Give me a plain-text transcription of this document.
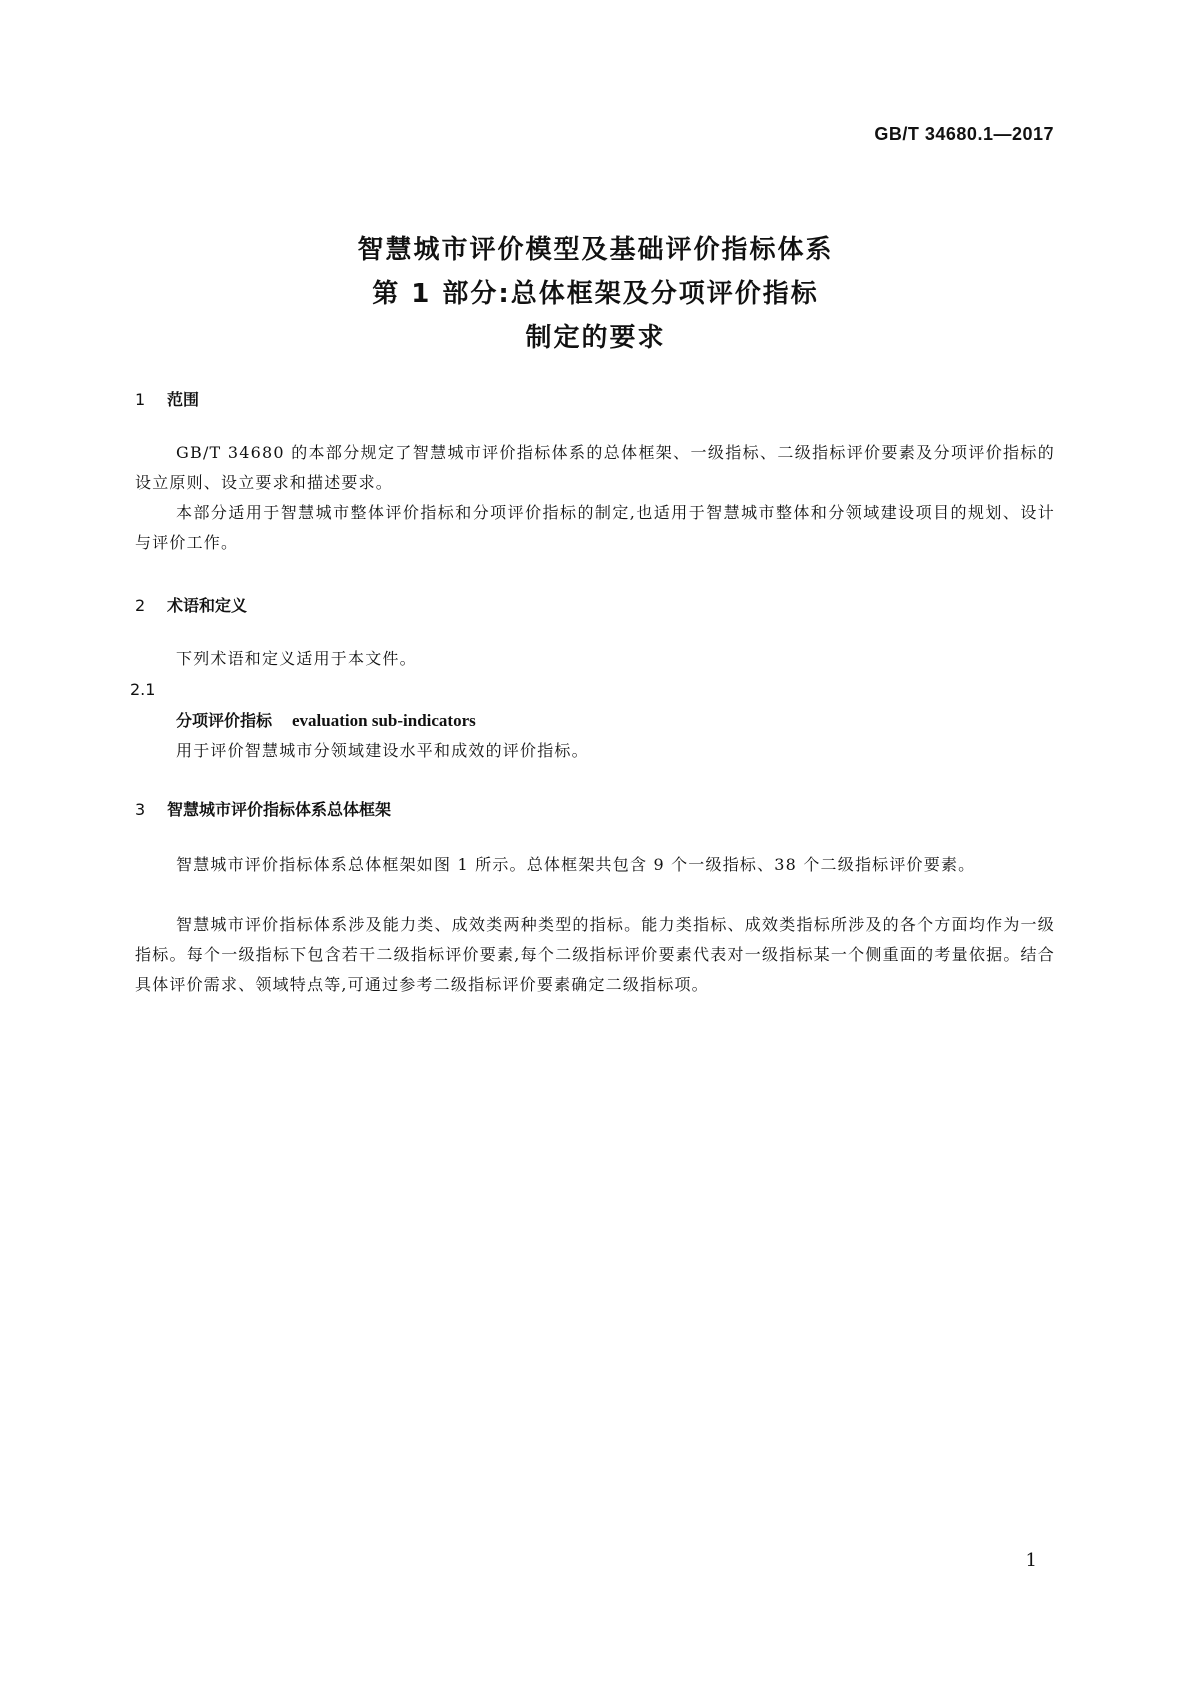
GB/T 34680.1—2017
智慧城市评价模型及基础评价指标体系
第 1 部分:总体框架及分项评价指标
制定的要求
1 范围
GB/T 34680 的本部分规定了智慧城市评价指标体系的总体框架、一级指标、二级指标评价要素及分项评价指标的设立原则、设立要求和描述要求。
本部分适用于智慧城市整体评价指标和分项评价指标的制定,也适用于智慧城市整体和分领域建设项目的规划、设计与评价工作。
2 术语和定义
下列术语和定义适用于本文件。
2.1
分项评价指标 evaluation sub-indicators
用于评价智慧城市分领域建设水平和成效的评价指标。
3 智慧城市评价指标体系总体框架
智慧城市评价指标体系总体框架如图 1 所示。总体框架共包含 9 个一级指标、38 个二级指标评价要素。
智慧城市评价指标体系涉及能力类、成效类两种类型的指标。能力类指标、成效类指标所涉及的各个方面均作为一级指标。每个一级指标下包含若干二级指标评价要素,每个二级指标评价要素代表对一级指标某一个侧重面的考量依据。结合具体评价需求、领域特点等,可通过参考二级指标评价要素确定二级指标项。
1
